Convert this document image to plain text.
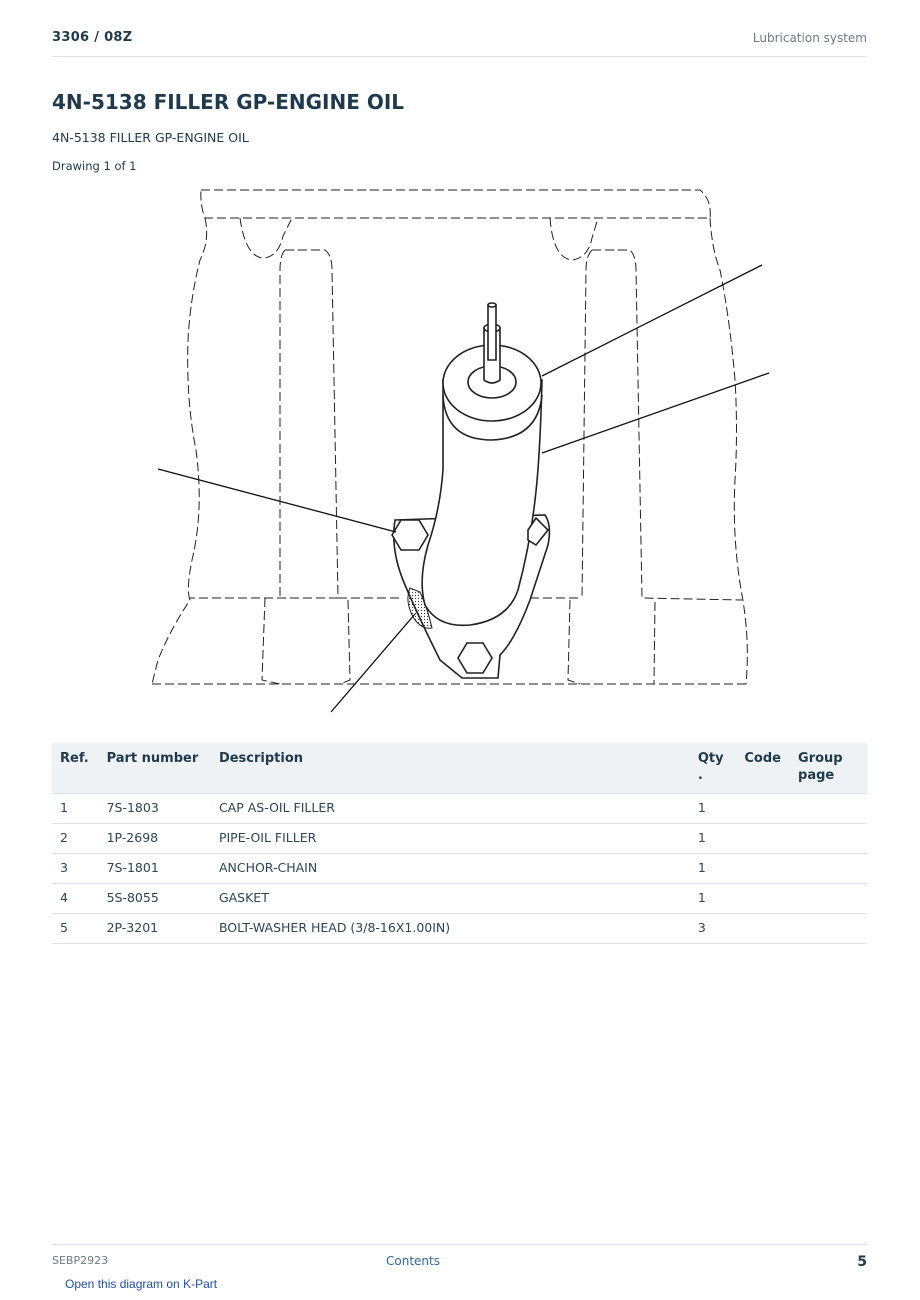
3306 / 08Z	Lubrication system
4N-5138 FILLER GP-ENGINE OIL
4N-5138 FILLER GP-ENGINE OIL
Drawing 1 of 1
Ref.	Part number	Description	Qty .	Code	Group page
1	7S-1803	CAP AS-OIL FILLER	1		
2	1P-2698	PIPE-OIL FILLER	1		
3	7S-1801	ANCHOR-CHAIN	1		
4	5S-8055	GASKET	1		
5	2P-3201	BOLT-WASHER HEAD (3/8-16X1.00IN)	3		
SEBP2923	Contents	5
Open this diagram on K-Part
